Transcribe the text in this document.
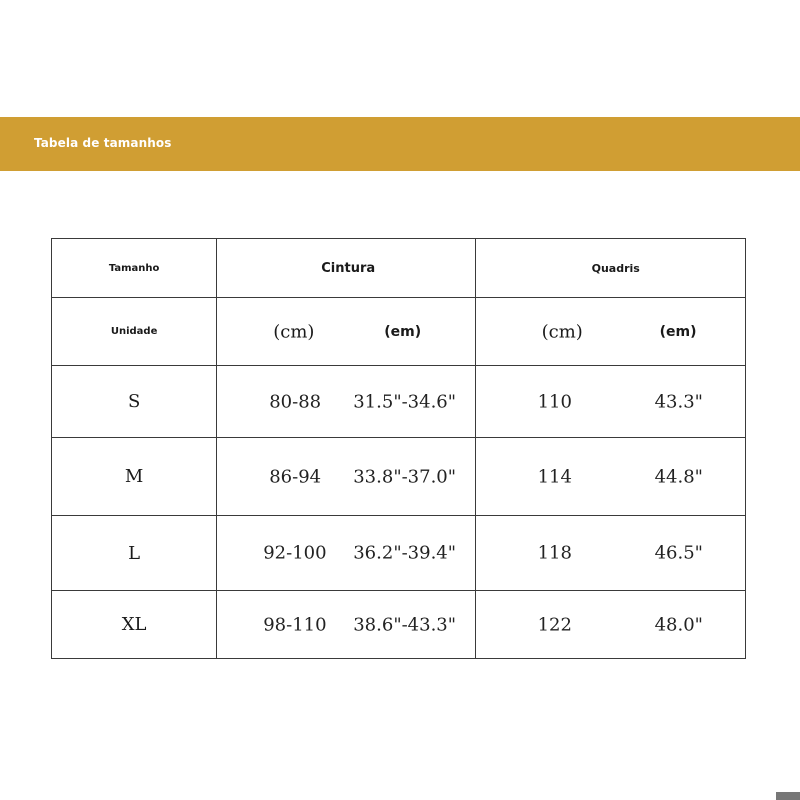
Tabela de tamanhos
Tamanho	Cintura	Quadris

Unidade	(cm) (em)	(cm) (em)

S	80-88 31.5"-34.6"	110 43.3"

M	86-94 33.8"-37.0"	114 44.8"

L	92-100 36.2"-39.4"	118 46.5"

XL	98-110 38.6"-43.3"	122 48.0"
